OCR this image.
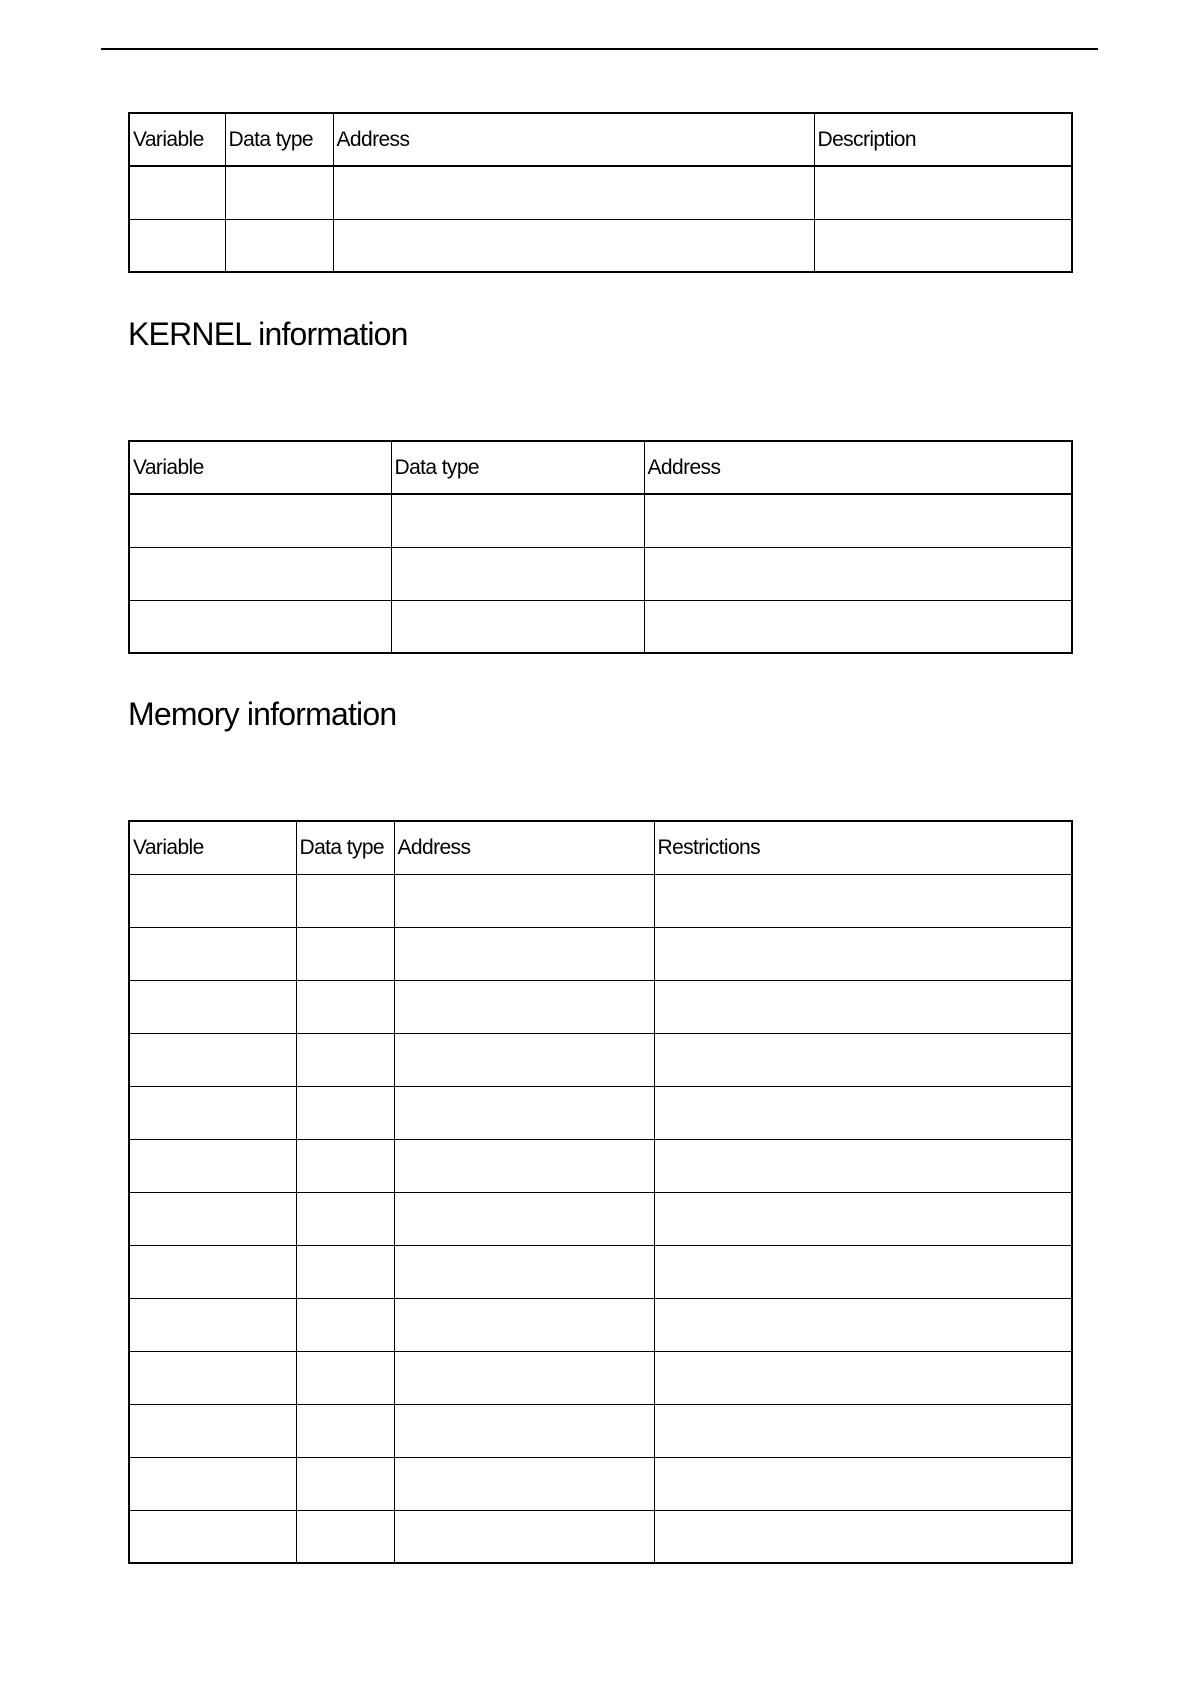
Variable	Data type	Address	Description

KERNEL information
Variable	Data type	Address

Memory information
Variable	Data type	Address	Restrictions
